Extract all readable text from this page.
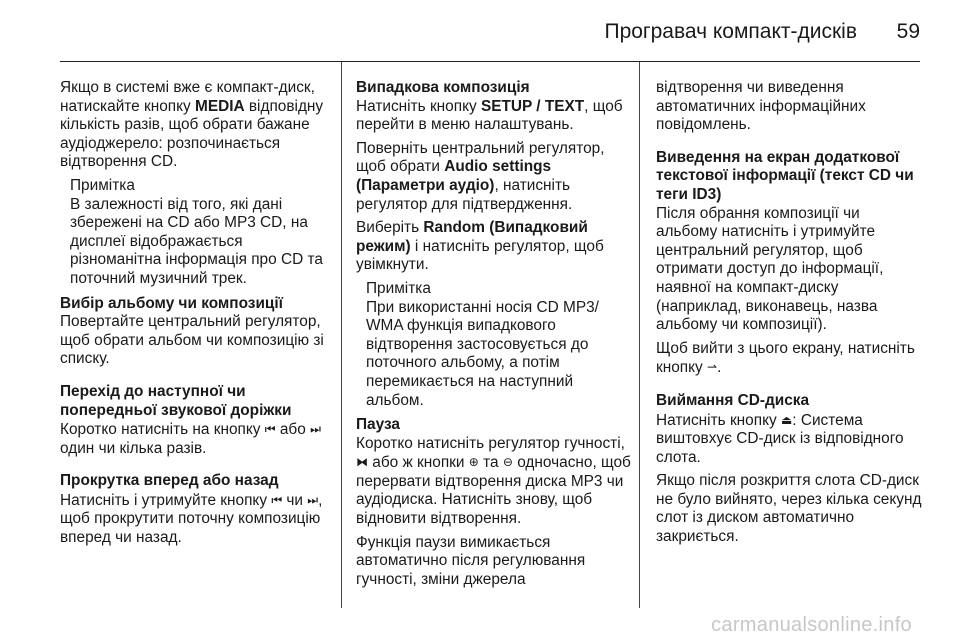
Програвач компакт-дисків 59

Якщо в системі вже є компакт-диск, натискайте кнопку MEDIA відповідну кількість разів, щоб обрати бажане аудіоджерело: розпочинається відтворення CD.

Примітка
В залежності від того, які дані збережені на CD або MP3 CD, на дисплеї відображається різноманітна інформація про CD та поточний музичний трек.
Вибір альбому чи композиції

Повертайте центральний регулятор, щоб обрати альбом чи композицію зі списку.

Перехід до наступної чи попередньої звукової доріжки

Коротко натисніть на кнопку ⏮ або ⏭ один чи кілька разів.

Прокрутка вперед або назад

Натисніть і утримуйте кнопку ⏮ чи ⏭, щоб прокрутити поточну композицію вперед чи назад.

Випадкова композиція

Натисніть кнопку SETUP / TEXT, щоб перейти в меню налаштувань.

Поверніть центральний регулятор, щоб обрати Audio settings (Параметри аудіо), натисніть регулятор для підтвердження.

Виберіть Random (Випадковий режим) і натисніть регулятор, щоб увімкнути.

Примітка
При використанні носія CD MP3/ WMA функція випадкового відтворення застосовується до поточного альбому, а потім перемикається на наступний альбом.
Пауза

Коротко натисніть регулятор гучності, ⧓ або ж кнопки ⊕ та ⊖ одночасно, щоб перервати відтворення диска MP3 чи аудіодиска. Натисніть знову, щоб відновити відтворення.

Функція паузи вимикається автоматично після регулювання гучності, зміни джерела

відтворення чи виведення автоматичних інформаційних повідомлень.

Виведення на екран додаткової текстової інформації (текст CD чи теги ID3)

Після обрання композиції чи альбому натисніть і утримуйте центральний регулятор, щоб отримати доступ до інформації, наявної на компакт-диску (наприклад, виконавець, назва альбому чи композиції).

Щоб вийти з цього екрану, натисніть кнопку ⇀.

Виймання CD-диска

Натисніть кнопку ⏏: Система виштовхує CD-диск із відповідного слота.

Якщо після розкриття слота CD-диск не було вийнято, через кілька секунд слот із диском автоматично закриється.

carmanualsonline.info
